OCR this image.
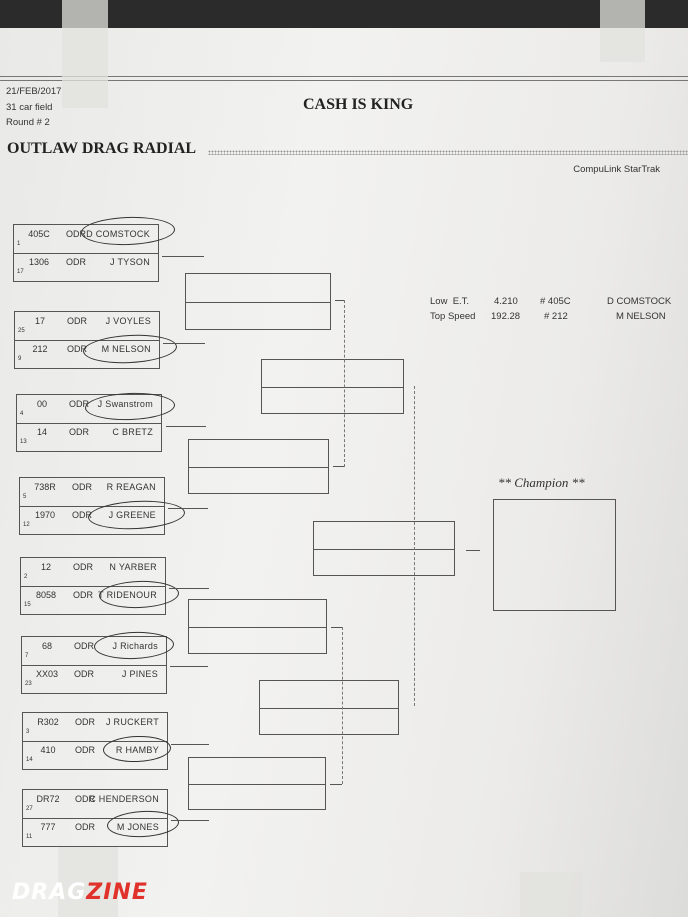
21/FEB/2017
31 car field
Round # 2
CASH IS KING
OUTLAW DRAG RADIAL
CompuLink StarTrak
405C	ODR D COMSTOCK
1
1306	ODR	J TYSON
17
17	ODR J VOYLES
25
212	ODR M NELSON
9
00	ODR J Swanstrom
4
14	ODR	C BRETZ
13
738R	ODR R REAGAN
5
1970	ODR J GREENE
12
12	ODR N YARBER
2
8058	ODR T RIDENOUR
15
68	ODR J Richards
7
XX03	ODR	J PINES
23
R302	ODR J RUCKERT
3
410	ODR R HAMBY
14
DR72	ODR
C HENDERSON
27
777	ODR M JONES
11
Low  E.T.	4.210 # 405C	D COMSTOCK
Top Speed 192.28	# 212	M NELSON
** Champion **
DRAGZINE
